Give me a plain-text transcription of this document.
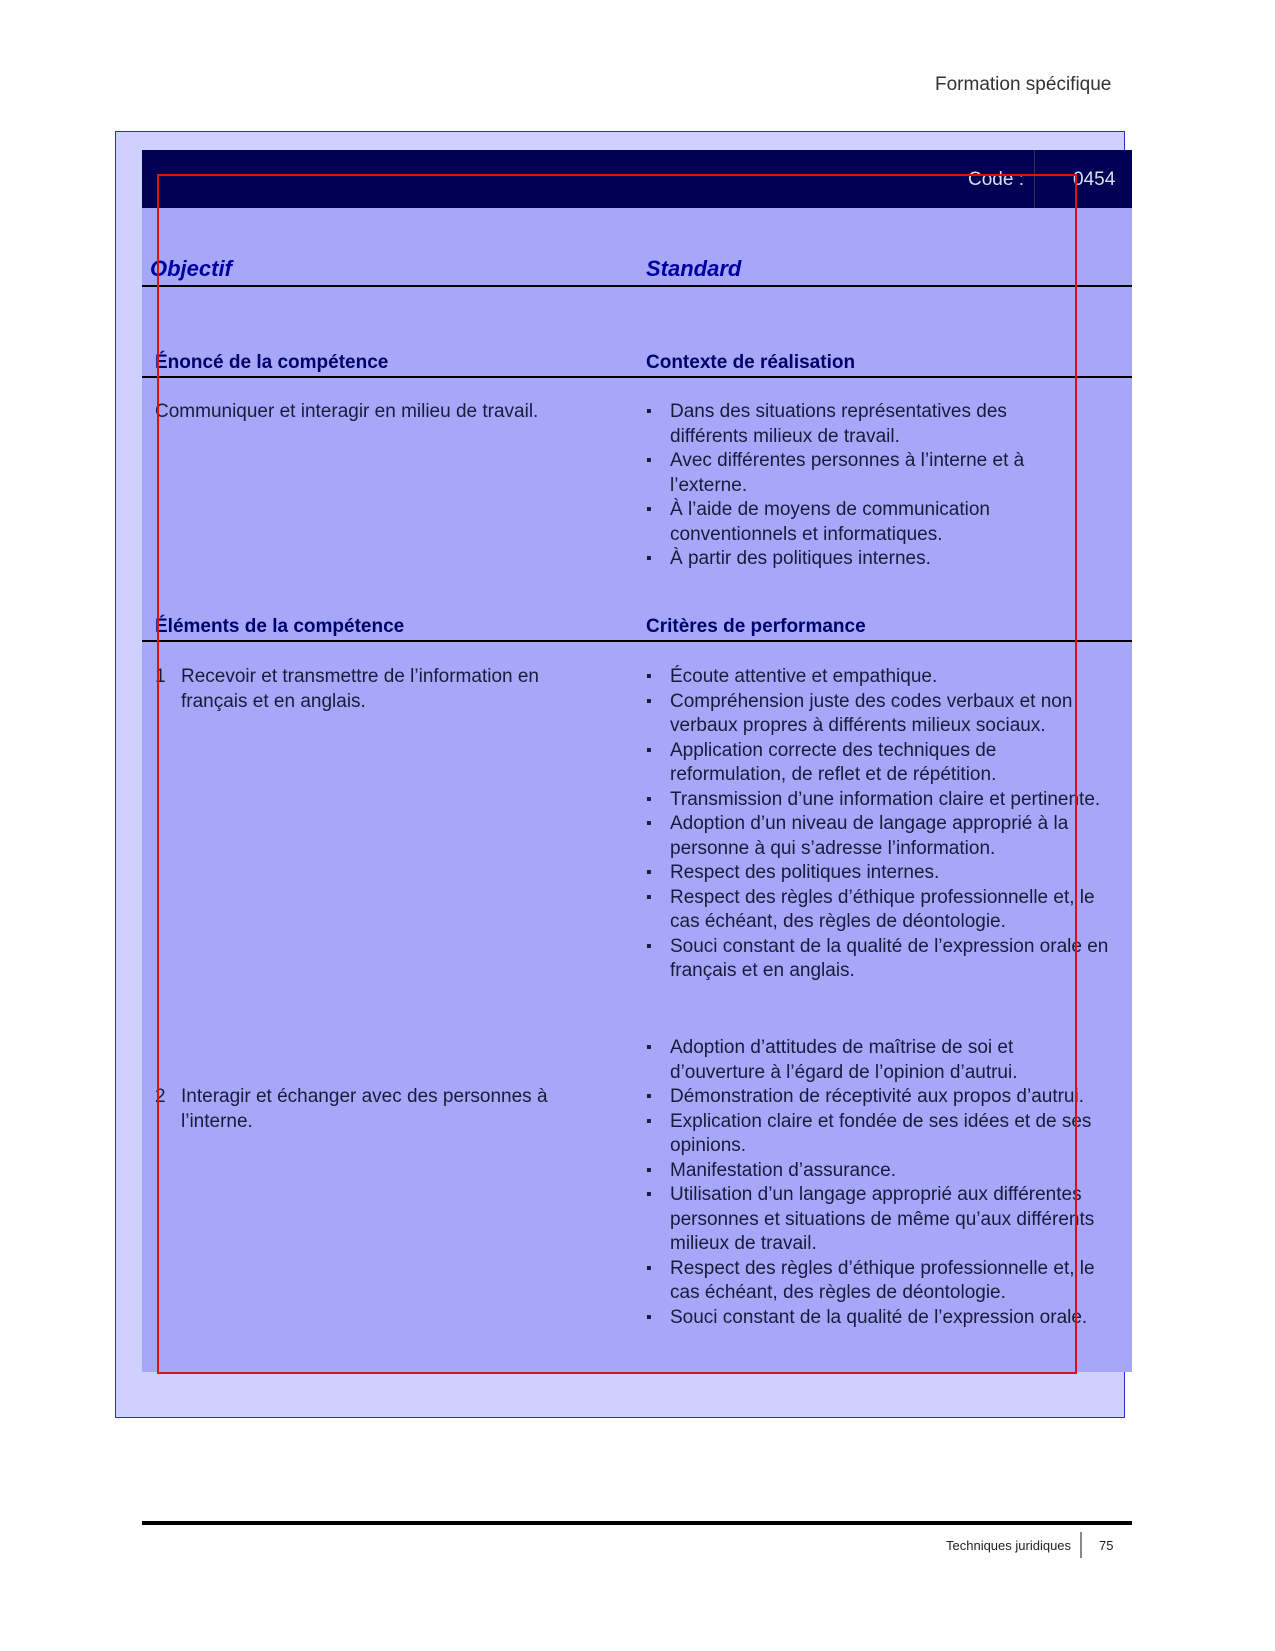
Formation spécifique
Code :	0454
Objectif	Standard
Énoncé de la compétence	Contexte de réalisation
Communiquer et interagir en milieu de travail.
▪	Dans des situations représentatives des différents milieux de travail.
▪ Avec différentes personnes à l’interne et à l’externe.
▪ À l’aide de moyens de communication conventionnels et informatiques.
▪ À partir des politiques internes.
Éléments de la compétence	Critères de performance
1 Recevoir et transmettre de l’information en français et en anglais.
▪ Écoute attentive et empathique.
▪ Compréhension juste des codes verbaux et non verbaux propres à différents milieux sociaux.
▪ Application correcte des techniques de reformulation, de reflet et de répétition.
▪ Transmission d’une information claire et pertinente.
▪ Adoption d’un niveau de langage approprié à la personne à qui s’adresse l’information.
▪ Respect des politiques internes.
▪ Respect des règles d’éthique professionnelle et, le cas échéant, des règles de déontologie.
▪ Souci constant de la qualité de l’expression orale en français et en anglais.
2 Interagir et échanger avec des personnes à l’interne.
▪ Adoption d’attitudes de maîtrise de soi et d’ouverture à l’égard de l’opinion d’autrui.
▪ Démonstration de réceptivité aux propos d’autrui.
▪ Explication claire et fondée de ses idées et de ses opinions.
▪ Manifestation d’assurance.
▪ Utilisation d’un langage approprié aux différentes personnes et situations de même qu’aux différents milieux de travail.
▪ Respect des règles d’éthique professionnelle et, le cas échéant, des règles de déontologie.
▪ Souci constant de la qualité de l’expression orale.
Techniques juridiques 75
